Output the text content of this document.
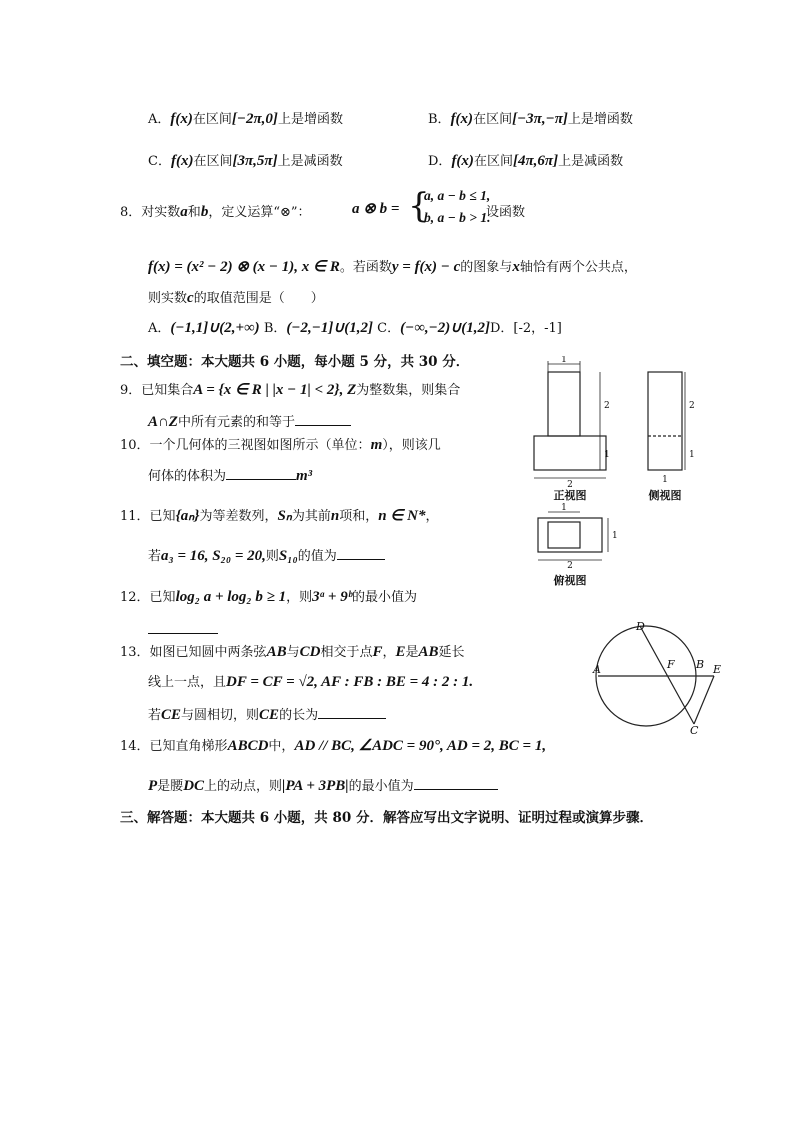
A．f(x)在区间[−2π,0]上是增函数	B．f(x)在区间[−3π,−π]上是增函数
C．f(x)在区间[3π,5π]上是减函数	D．f(x)在区间[4π,6π]上是减函数
8．对实数a和b，定义运算“⊗”：	a ⊗ b = {
a, a − b ≤ 1,
b, a − b > 1.
设函数
f(x) = (x² − 2) ⊗ (x − 1), x ∈ R。若函数y = f(x) − c的图象与x轴恰有两个公共点，
则实数c的取值范围是（　　）
A．(−1,1]∪(2,+∞) B．(−2,−1]∪(1,2] C．(−∞,−2)∪(1,2]D．[-2，-1]
二、填空题：本大题共 6 小题，每小题 5 分，共 30 分．
9．已知集合A = {x ∈ R | |x − 1| < 2}, Z为整数集，则集合
A∩Z中所有元素的和等于
10．一个几何体的三视图如图所示（单位：m），则该几
何体的体积为	m³
11．已知{aₙ}为等差数列，Sₙ为其前n项和，n ∈ N*，
若a₃ = 16, S₂₀ = 20,则S₁₀的值为
12．已知log₂ a + log₂ b ≥ 1，则3ᵃ + 9ᵇ的最小值为
13．如图已知圆中两条弦AB与CD相交于点F，E是AB延长
线上一点，且DF = CF = √2, AF : FB : BE = 4 : 2 : 1.
若CE与圆相切，则CE的长为
14．已知直角梯形ABCD中，AD // BC, ∠ADC = 90°, AD = 2, BC = 1,
P是腰DC上的动点，则|PA + 3PB|的最小值为
三、解答题：本大题共 6 小题，共 80 分．解答应写出文字说明、证明过程或演算步骤．
1
2
2
1
2
1
1
1
2
1
正视图	侧视图
俯视图
A	B
C
D
E
F
